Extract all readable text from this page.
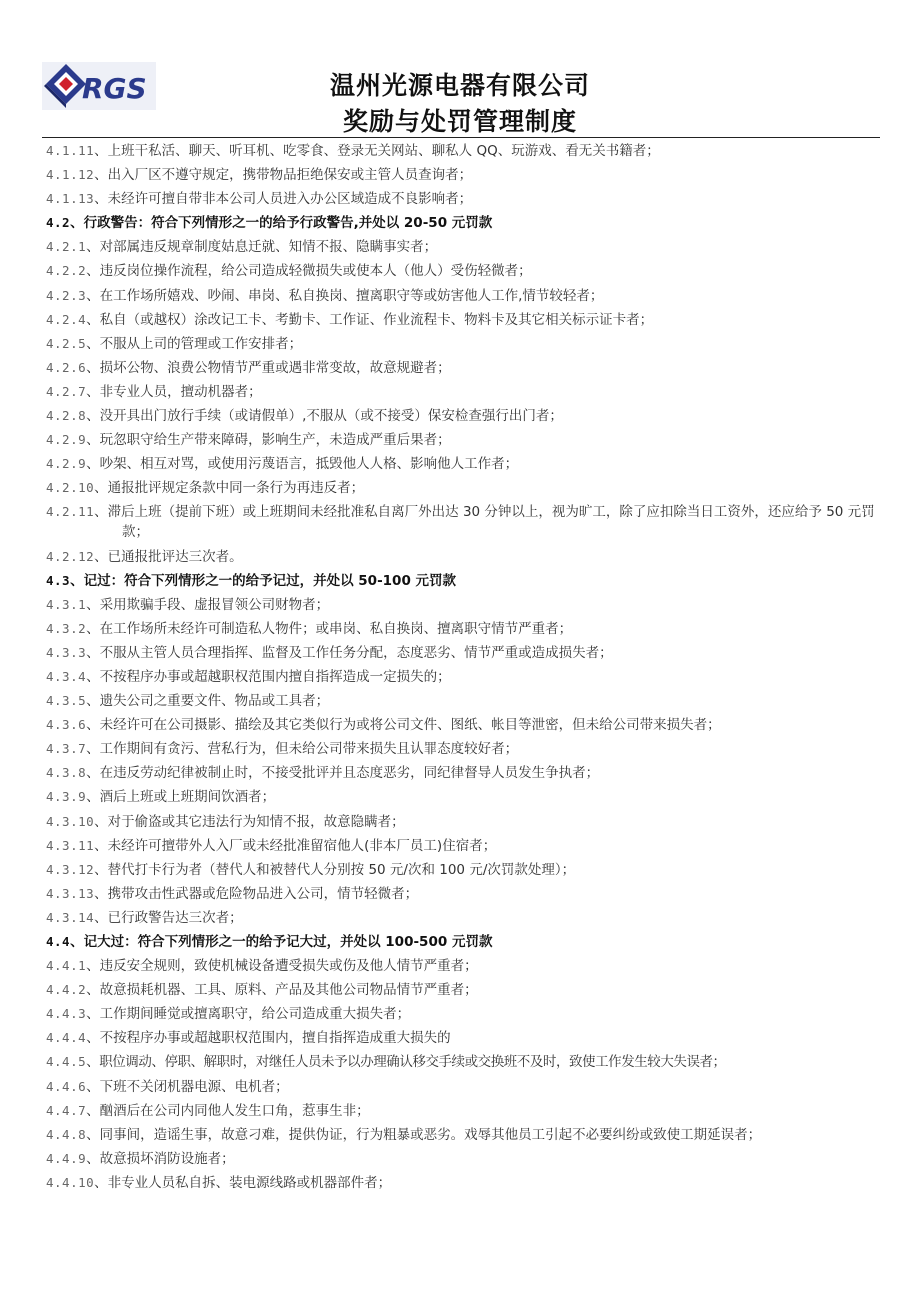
RGS	温州光源电器有限公司
奖励与处罚管理制度
4.1.11、上班干私活、聊天、听耳机、吃零食、登录无关网站、聊私人 QQ、玩游戏、看无关书籍者；
4.1.12、出入厂区不遵守规定，携带物品拒绝保安或主管人员查询者；
4.1.13、未经许可擅自带非本公司人员进入办公区域造成不良影响者；
4.2、行政警告：符合下列情形之一的给予行政警告,并处以 20-50 元罚款
4.2.1、对部属违反规章制度姑息迁就、知情不报、隐瞒事实者；
4.2.2、违反岗位操作流程，给公司造成轻微损失或使本人（他人）受伤轻微者；
4.2.3、在工作场所嬉戏、吵闹、串岗、私自换岗、擅离职守等或妨害他人工作,情节较轻者；
4.2.4、私自（或越权）涂改记工卡、考勤卡、工作证、作业流程卡、物料卡及其它相关标示证卡者；
4.2.5、不服从上司的管理或工作安排者；
4.2.6、损坏公物、浪费公物情节严重或遇非常变故，故意规避者；
4.2.7、非专业人员，擅动机器者；
4.2.8、没开具出门放行手续（或请假单）,不服从（或不接受）保安检查强行出门者；
4.2.9、玩忽职守给生产带来障碍，影响生产，未造成严重后果者；
4.2.9、吵架、相互对骂，或使用污蔑语言，抵毁他人人格、影响他人工作者；
4.2.10、通报批评规定条款中同一条行为再违反者；
4.2.11、滞后上班（提前下班）或上班期间未经批准私自离厂外出达 30 分钟以上，视为旷工，除了应扣除当日工资外，还应给予 50 元罚款；
4.2.12、已通报批评达三次者。
4.3、记过：符合下列情形之一的给予记过，并处以 50-100 元罚款
4.3.1、采用欺骗手段、虚报冒领公司财物者；
4.3.2、在工作场所未经许可制造私人物件；或串岗、私自换岗、擅离职守情节严重者；
4.3.3、不服从主管人员合理指挥、监督及工作任务分配，态度恶劣、情节严重或造成损失者；
4.3.4、不按程序办事或超越职权范围内擅自指挥造成一定损失的；
4.3.5、遗失公司之重要文件、物品或工具者；
4.3.6、未经许可在公司摄影、描绘及其它类似行为或将公司文件、图纸、帐目等泄密，但未给公司带来损失者；
4.3.7、工作期间有贪污、营私行为，但未给公司带来损失且认罪态度较好者；
4.3.8、在违反劳动纪律被制止时，不接受批评并且态度恶劣，同纪律督导人员发生争执者；
4.3.9、酒后上班或上班期间饮酒者；
4.3.10、对于偷盗或其它违法行为知情不报，故意隐瞒者；
4.3.11、未经许可擅带外人入厂或未经批准留宿他人(非本厂员工)住宿者；
4.3.12、替代打卡行为者（替代人和被替代人分别按 50 元/次和 100 元/次罚款处理）；
4.3.13、携带攻击性武器或危险物品进入公司，情节轻微者；
4.3.14、已行政警告达三次者；
4.4、记大过：符合下列情形之一的给予记大过，并处以 100-500 元罚款
4.4.1、违反安全规则，致使机械设备遭受损失或伤及他人情节严重者；
4.4.2、故意损耗机器、工具、原料、产品及其他公司物品情节严重者；
4.4.3、工作期间睡觉或擅离职守，给公司造成重大损失者；
4.4.4、不按程序办事或超越职权范围内，擅自指挥造成重大损失的
4.4.5、职位调动、停职、解职时，对继任人员未予以办理确认移交手续或交换班不及时，致使工作发生较大失误者；
4.4.6、下班不关闭机器电源、电机者；
4.4.7、酗酒后在公司内同他人发生口角，惹事生非；
4.4.8、同事间，造谣生事，故意刁难，提供伪证，行为粗暴或恶劣。戏辱其他员工引起不必要纠纷或致使工期延误者；
4.4.9、故意损坏消防设施者；
4.4.10、非专业人员私自拆、装电源线路或机器部件者；
